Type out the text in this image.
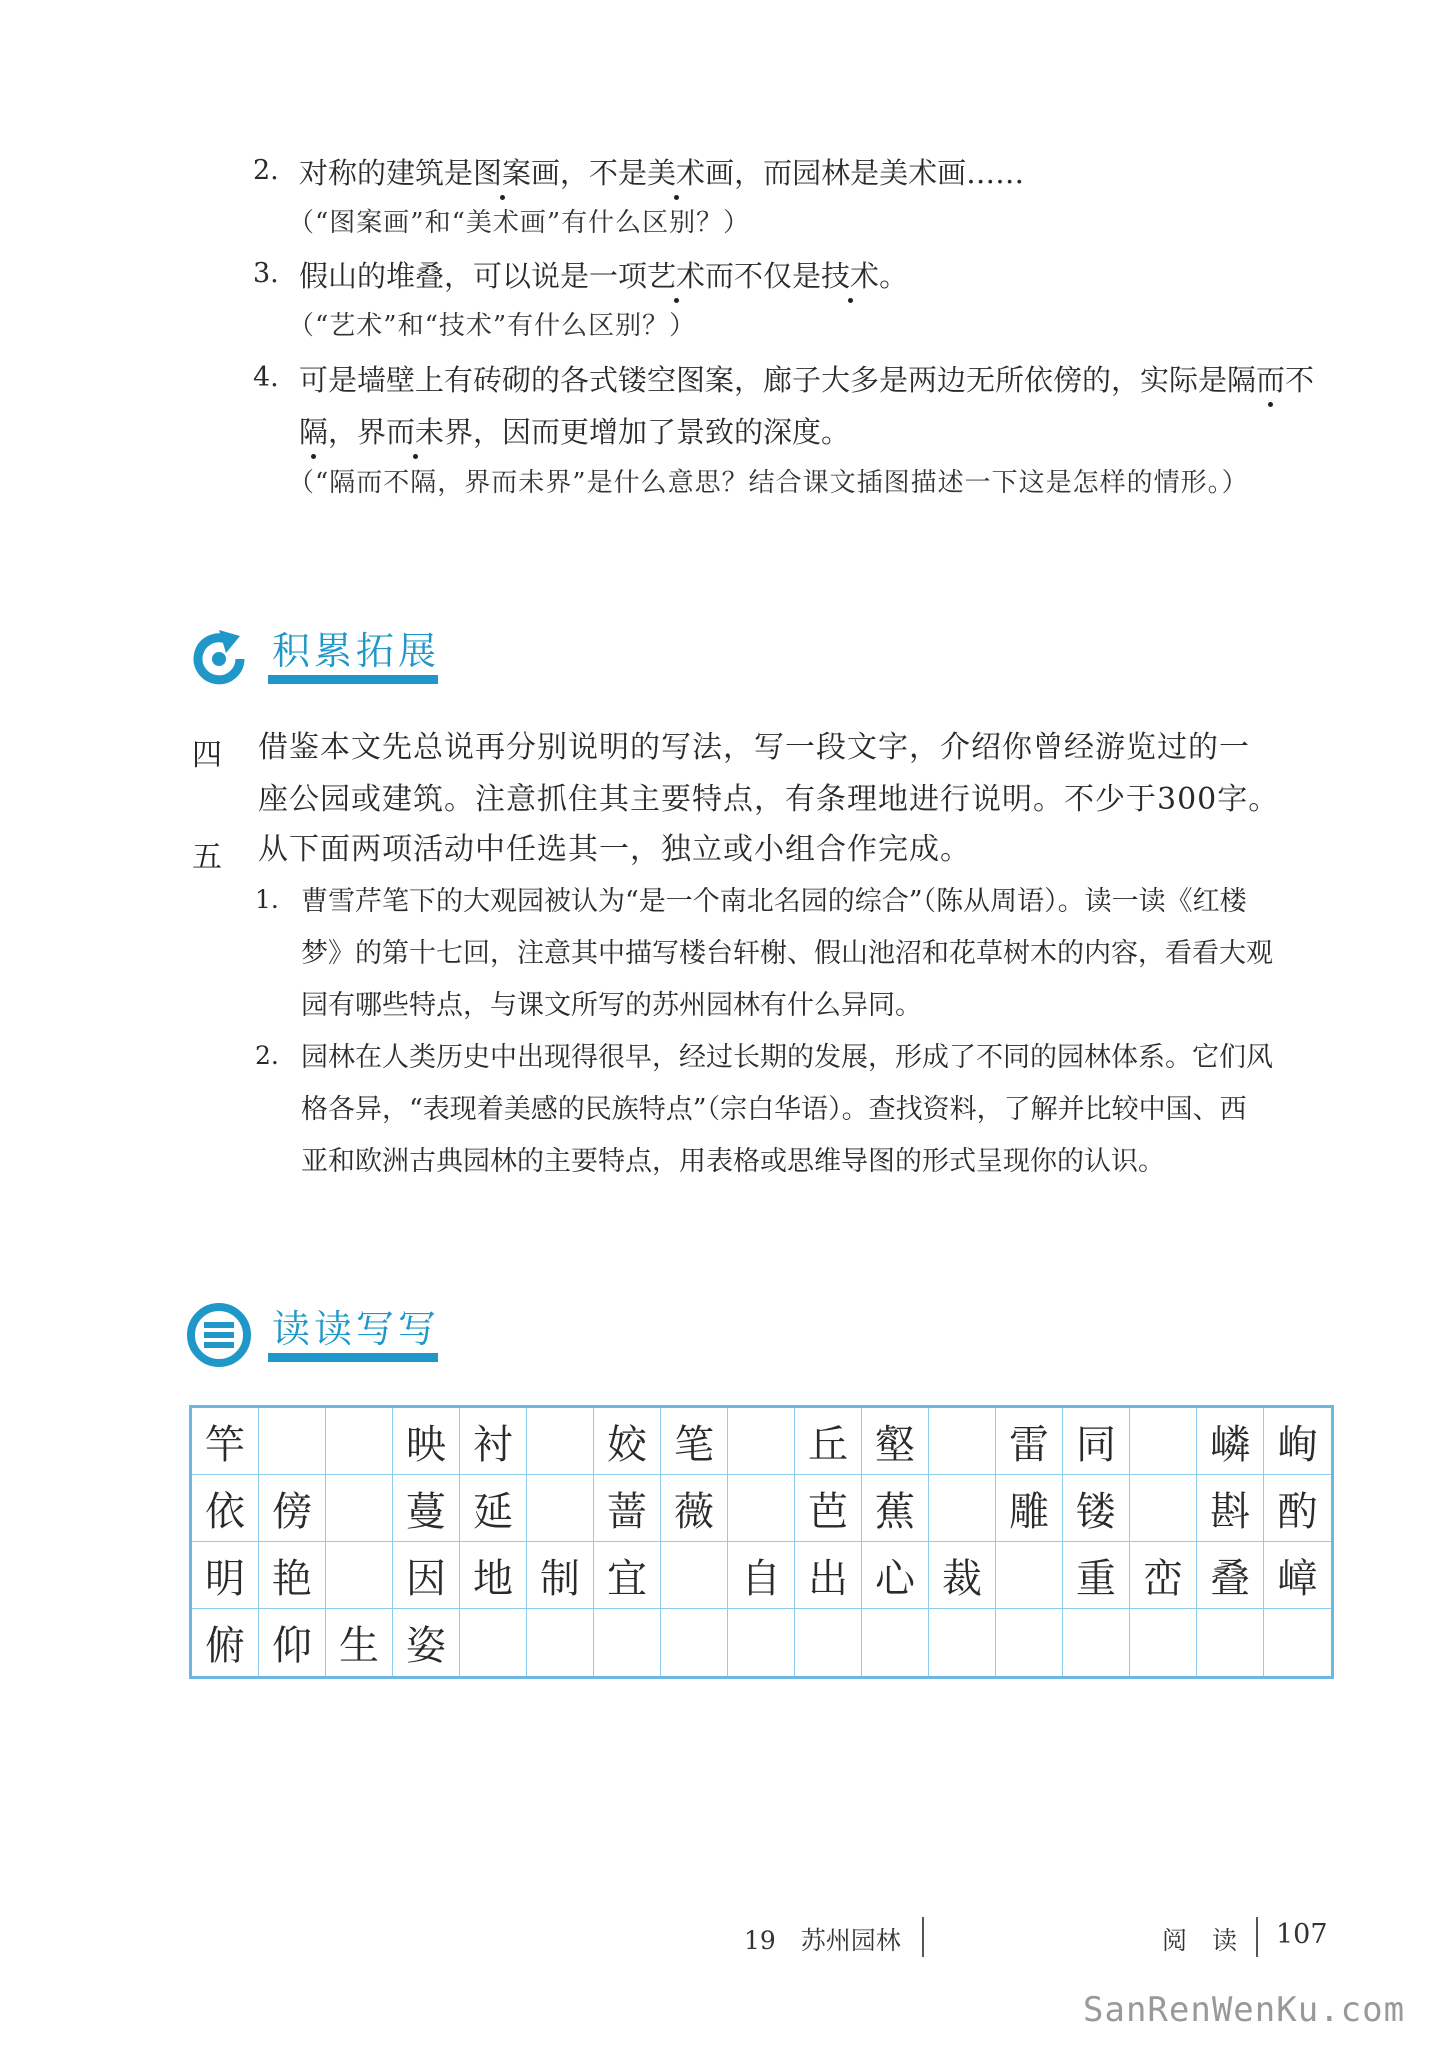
2. 对称的建筑是图案画，不是美术画，而园林是美术画……
（“图案画”和“美术画”有什么区别？）
3. 假山的堆叠，可以说是一项艺术而不仅是技术。
（“艺术”和“技术”有什么区别？）
4. 可是墙壁上有砖砌的各式镂空图案，廊子大多是两边无所依傍的，实际是隔而不
隔，界而未界，因而更增加了景致的深度。
（“隔而不隔，界而未界”是什么意思？结合课文插图描述一下这是怎样的情形。）
积累拓展
四 借鉴本文先总说再分别说明的写法，写一段文字，介绍你曾经游览过的一
座公园或建筑。注意抓住其主要特点，有条理地进行说明。不少于300字。
五 从下面两项活动中任选其一，独立或小组合作完成。
1. 曹雪芹笔下的大观园被认为“是一个南北名园的综合”（陈从周语）。读一读《红楼
梦》的第十七回，注意其中描写楼台轩榭、假山池沼和花草树木的内容，看看大观
园有哪些特点，与课文所写的苏州园林有什么异同。
2. 园林在人类历史中出现得很早，经过长期的发展，形成了不同的园林体系。它们风
格各异，“表现着美感的民族特点”（宗白华语）。查找资料，了解并比较中国、西
亚和欧洲古典园林的主要特点，用表格或思维导图的形式呈现你的认识。
读读写写
竿	映 衬	姣 笔	丘 壑	雷 同	嶙 峋
依 傍	蔓 延	蔷 薇	芭 蕉	雕 镂	斟 酌
明 艳	因 地 制 宜	自 出 心 裁	重 峦 叠 嶂
俯 仰 生 姿
19　苏州园林	阅　读 107
SanRenWenKu.com
